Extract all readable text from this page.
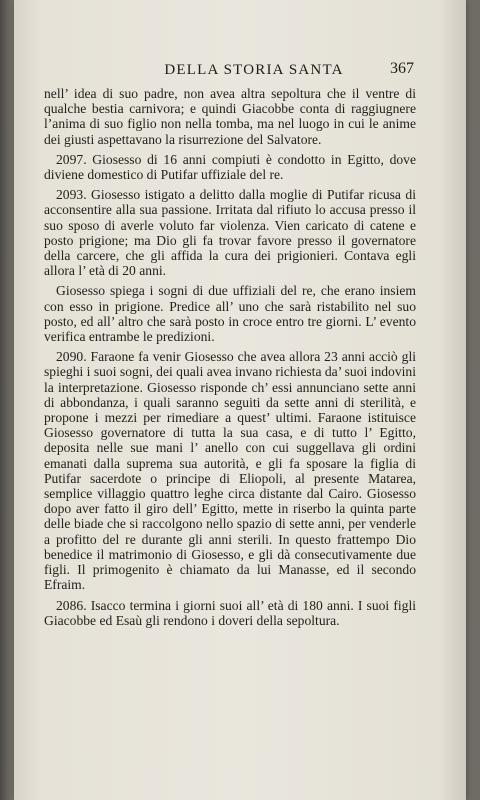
DELLA STORIA SANTA	367

nell’ idea di suo padre, non avea altra sepoltura che il ventre di qualche bestia carnivora; e quindi Giacobbe conta di raggiugnere l’anima di suo figlio non nella tomba, ma nel luogo in cui le anime dei giusti aspettavano la risurrezione del Salvatore.

2097. Giosesso di 16 anni compiuti è condotto in Egitto, dove diviene domestico di Putifar uffiziale del re.

2093. Giosesso istigato a delitto dalla moglie di Putifar ricusa di acconsentire alla sua passione. Irritata dal rifiuto lo accusa presso il suo sposo di averle voluto far violenza. Vien caricato di catene e posto prigione; ma Dio gli fa trovar favore presso il governatore della carcere, che gli affida la cura dei prigionieri. Contava egli allora l’ età di 20 anni.

Giosesso spiega i sogni di due uffiziali del re, che erano insiem con esso in prigione. Predice all’ uno che sarà ristabilito nel suo posto, ed all’ altro che sarà posto in croce entro tre giorni. L’ evento verifica entrambe le predizioni.

2090. Faraone fa venir Giosesso che avea allora 23 anni acciò gli spieghi i suoi sogni, dei quali avea invano richiesta da’ suoi indovini la interpretazione. Giosesso risponde ch’ essi annunciano sette anni di abbondanza, i quali saranno seguiti da sette anni di sterilità, e propone i mezzi per rimediare a quest’ ultimi. Faraone istituisce Giosesso governatore di tutta la sua casa, e di tutto l’ Egitto, deposita nelle sue mani l’ anello con cui suggellava gli ordini emanati dalla suprema sua autorità, e gli fa sposare la figlia di Putifar sacerdote o principe di Eliopoli, al presente Matarea, semplice villaggio quattro leghe circa distante dal Cairo. Giosesso dopo aver fatto il giro dell’ Egitto, mette in riserbo la quinta parte delle biade che si raccolgono nello spazio di sette anni, per venderle a profitto del re durante gli anni sterili. In questo frattempo Dio benedice il matrimonio di Giosesso, e gli dà consecutivamente due figli. Il primogenito è chiamato da lui Manasse, ed il secondo Efraim.

2086. Isacco termina i giorni suoi all’ età di 180 anni. I suoi figli Giacobbe ed Esaù gli rendono i doveri della sepoltura.
